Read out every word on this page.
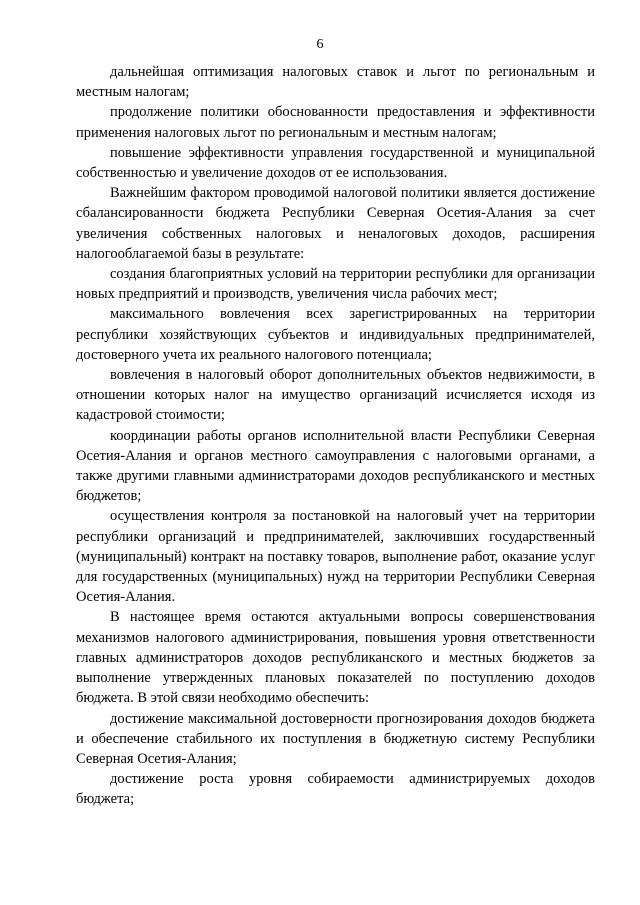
6

дальнейшая оптимизация налоговых ставок и льгот по региональным и местным налогам;

продолжение политики обоснованности предоставления и эффективности применения налоговых льгот по региональным и местным налогам;

повышение эффективности управления государственной и муниципальной собственностью и увеличение доходов от ее использования.

Важнейшим фактором проводимой налоговой политики является достижение сбалансированности бюджета Республики Северная Осетия-Алания за счет увеличения собственных налоговых и неналоговых доходов, расширения налогооблагаемой базы в результате:

создания благоприятных условий на территории республики для организации новых предприятий и производств, увеличения числа рабочих мест;

максимального вовлечения всех зарегистрированных на территории республики хозяйствующих субъектов и индивидуальных предпринимателей, достоверного учета их реального налогового потенциала;

вовлечения в налоговый оборот дополнительных объектов недвижимости, в отношении которых налог на имущество организаций исчисляется исходя из кадастровой стоимости;

координации работы органов исполнительной власти Республики Северная Осетия-Алания и органов местного самоуправления с налоговыми органами, а также другими главными администраторами доходов республиканского и местных бюджетов;

осуществления контроля за постановкой на налоговый учет на территории республики организаций и предпринимателей, заключивших государственный (муниципальный) контракт на поставку товаров, выполнение работ, оказание услуг для государственных (муниципальных) нужд на территории Республики Северная Осетия-Алания.

В настоящее время остаются актуальными вопросы совершенствования механизмов налогового администрирования, повышения уровня ответственности главных администраторов доходов республиканского и местных бюджетов за выполнение утвержденных плановых показателей по поступлению доходов бюджета. В этой связи необходимо обеспечить:

достижение максимальной достоверности прогнозирования доходов бюджета и обеспечение стабильного их поступления в бюджетную систему Республики Северная Осетия-Алания;

достижение роста уровня собираемости администрируемых доходов бюджета;
